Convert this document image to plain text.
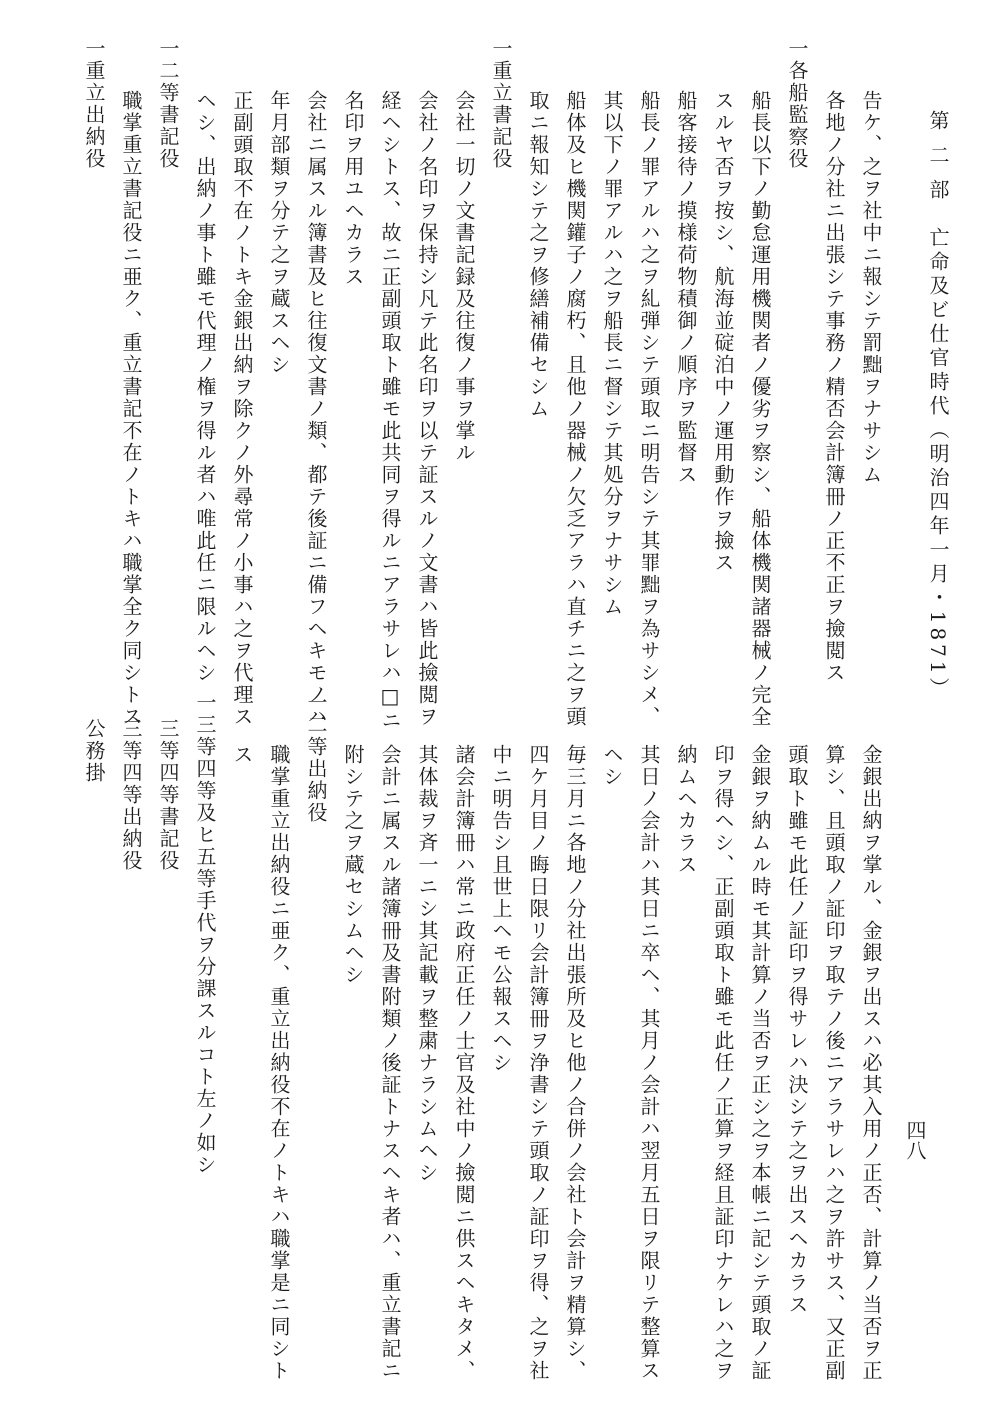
第 二 部　亡命及ビ仕官時代（明治四年一月・1871）
四八
告ケ、之ヲ社中ニ報シテ罰黜ヲナサシム
各地ノ分社ニ出張シテ事務ノ精否会計簿冊ノ正不正ヲ撿閲ス
一各船監察役
船長以下ノ勤怠運用機関者ノ優劣ヲ察シ、船体機関諸器械ノ完全
スルヤ否ヲ按シ、航海並碇泊中ノ運用動作ヲ撿ス
船客接待ノ摸様荷物積御ノ順序ヲ監督ス
船長ノ罪アルハ之ヲ糺弾シテ頭取ニ明告シテ其罪黜ヲ為サシメ、
其以下ノ罪アルハ之ヲ船長ニ督シテ其処分ヲナサシム
船体及ヒ機関鑵子ノ腐朽、且他ノ器械ノ欠乏アラハ直チニ之ヲ頭
取ニ報知シテ之ヲ修繕補備セシム
一重立書記役
会社一切ノ文書記録及往復ノ事ヲ掌ル
会社ノ名印ヲ保持シ凡テ此名印ヲ以テ証スルノ文書ハ皆此撿閲ヲ
経ヘシトス、故ニ正副頭取ト雖モ此共同ヲ得ルニアラサレハ□ニ
名印ヲ用ユヘカラス
会社ニ属スル簿書及ヒ往復文書ノ類、都テ後証ニ備フヘキモノハ
年月部類ヲ分テ之ヲ蔵スヘシ
正副頭取不在ノトキ金銀出納ヲ除クノ外尋常ノ小事ハ之ヲ代理ス
ヘシ、出納ノ事ト雖モ代理ノ権ヲ得ル者ハ唯此任ニ限ルヘシ
一二等書記役
職掌重立書記役ニ亜ク、重立書記不在ノトキハ職掌全ク同シトス
一重立出納役
金銀出納ヲ掌ル、金銀ヲ出スハ必其入用ノ正否、計算ノ当否ヲ正
算シ、且頭取ノ証印ヲ取テノ後ニアラサレハ之ヲ許サス、又正副
頭取ト雖モ此任ノ証印ヲ得サレハ決シテ之ヲ出スヘカラス
金銀ヲ納ムル時モ其計算ノ当否ヲ正シ之ヲ本帳ニ記シテ頭取ノ証
印ヲ得ヘシ、正副頭取ト雖モ此任ノ正算ヲ経且証印ナケレハ之ヲ
納ムヘカラス
其日ノ会計ハ其日ニ卒ヘ、其月ノ会計ハ翌月五日ヲ限リテ整算ス
ヘシ
毎三月ニ各地ノ分社出張所及ヒ他ノ合併ノ会社ト会計ヲ精算シ、
四ケ月目ノ晦日限リ会計簿冊ヲ浄書シテ頭取ノ証印ヲ得、之ヲ社
中ニ明告シ且世上ヘモ公報スヘシ
諸会計簿冊ハ常ニ政府正任ノ士官及社中ノ撿閲ニ供スヘキタメ、
其体裁ヲ斉一ニシ其記載ヲ整粛ナラシムヘシ
会計ニ属スル諸簿冊及書附類ノ後証トナスヘキ者ハ、重立書記ニ
附シテ之ヲ蔵セシムヘシ
一二等出納役
職掌重立出納役ニ亜ク、重立出納役不在ノトキハ職掌是ニ同シト
ス
一三等四等及ヒ五等手代ヲ分課スルコト左ノ如シ
三等四等書記役
三等四等出納役
公務掛
